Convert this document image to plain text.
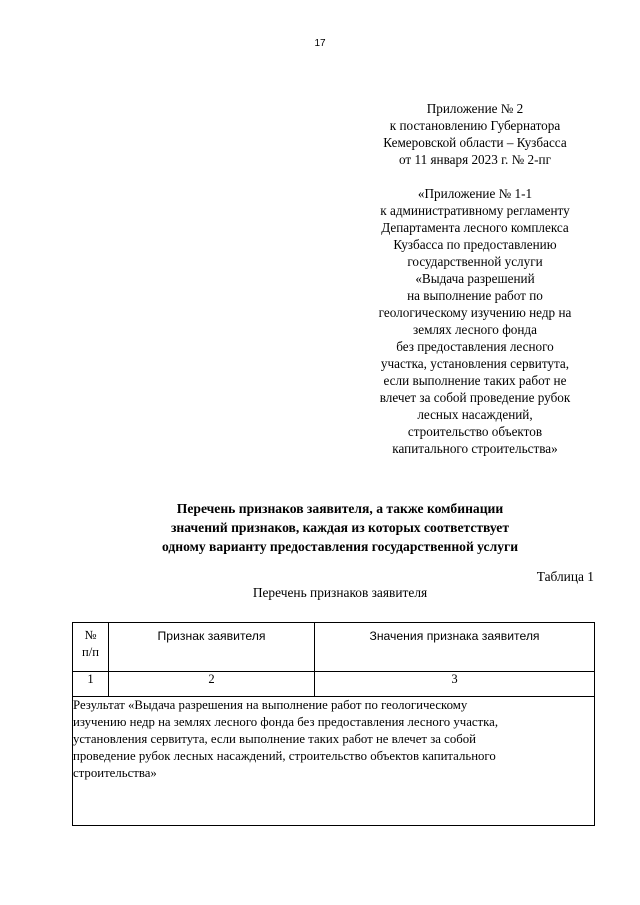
17
Приложение № 2
к постановлению Губернатора
Кемеровской области – Кузбасса
от 11 января 2023 г. № 2-пг
«Приложение № 1-1
к административному регламенту
Департамента лесного комплекса
Кузбасса по предоставлению
государственной услуги
«Выдача разрешений
на выполнение работ по
геологическому изучению недр на
землях лесного фонда
без предоставления лесного
участка, установления сервитута,
если выполнение таких работ не
влечет за собой проведение рубок
лесных насаждений,
строительство объектов
капитального строительства»
Перечень признаков заявителя, а также комбинации
значений признаков, каждая из которых соответствует
одному варианту предоставления государственной услуги
Таблица 1
Перечень признаков заявителя
№
п/п	Признак заявителя	Значения признака заявителя
1	2	3

Результат «Выдача разрешения на выполнение работ по геологическому
изучению недр на землях лесного фонда без предоставления лесного участка,
установления сервитута, если выполнение таких работ не влечет за собой
проведение рубок лесных насаждений, строительство объектов капитального
строительства»		
